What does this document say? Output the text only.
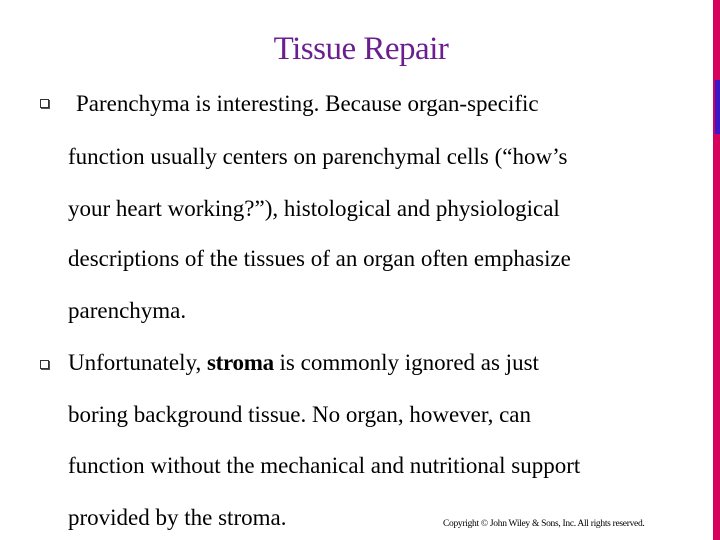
Tissue Repair
Parenchyma is interesting. Because organ-specific
function usually centers on parenchymal cells (“how’s
your heart working?”), histological and physiological
descriptions of the tissues of an organ often emphasize
parenchyma.
Unfortunately, stroma is commonly ignored as just
boring background tissue. No organ, however, can
function without the mechanical and nutritional support
provided by the stroma.	Copyright © John Wiley & Sons, Inc. All rights reserved.
